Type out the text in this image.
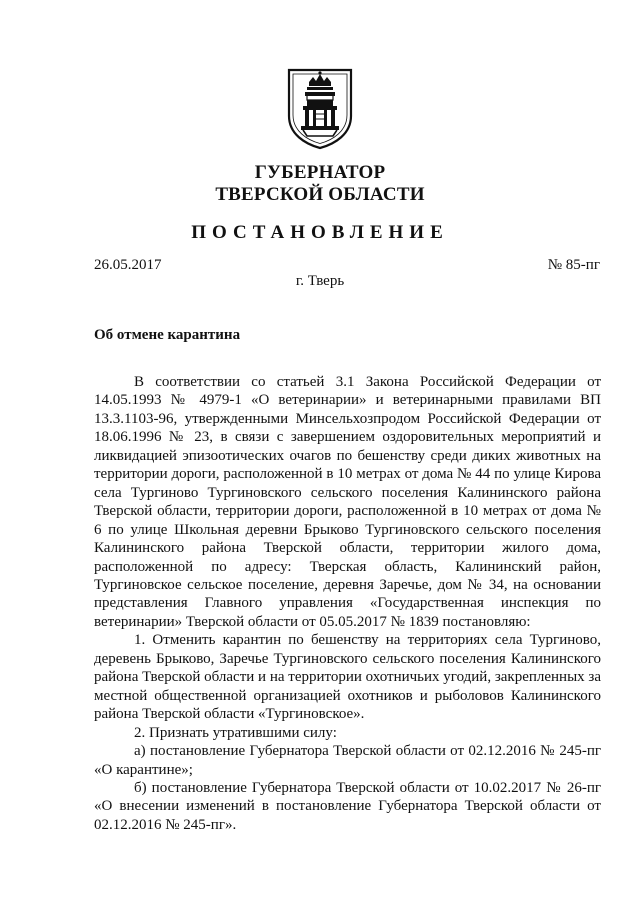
ГУБЕРНАТОР
ТВЕРСКОЙ ОБЛАСТИ
ПОСТАНОВЛЕНИЕ
26.05.2017	№ 85-пг
г. Тверь
Об отмене карантина

В соответствии со статьей 3.1 Закона Российской Федерации от 14.05.1993 № 4979-1 «О ветеринарии» и ветеринарными правилами ВП 13.3.1103-96, утвержденными Минсельхозпродом Российской Федерации от 18.06.1996 № 23, в связи с завершением оздоровительных мероприятий и ликвидацией эпизоотических очагов по бешенству среди диких животных на территории дороги, расположенной в 10 метрах от дома № 44 по улице Кирова села Тургиново Тургиновского сельского поселения Калининского района Тверской области, территории дороги, расположенной в 10 метрах от дома № 6 по улице Школьная деревни Брыково Тургиновского сельского поселения Калининского района Тверской области, территории жилого дома, расположенной по адресу: Тверская область, Калининский район, Тургиновское сельское поселение, деревня Заречье, дом № 34, на основании представления Главного управления «Государственная инспекция по ветеринарии» Тверской области от 05.05.2017 № 1839 постановляю:

1. Отменить карантин по бешенству на территориях села Тургиново, деревень Брыково, Заречье Тургиновского сельского поселения Калининского района Тверской области и на территории охотничьих угодий, закрепленных за местной общественной организацией охотников и рыболовов Калининского района Тверской области «Тургиновское».

2. Признать утратившими силу:

а) постановление Губернатора Тверской области от 02.12.2016 № 245-пг «О карантине»;

б) постановление Губернатора Тверской области от 10.02.2017 № 26-пг «О внесении изменений в постановление Губернатора Тверской области от 02.12.2016 № 245-пг».
